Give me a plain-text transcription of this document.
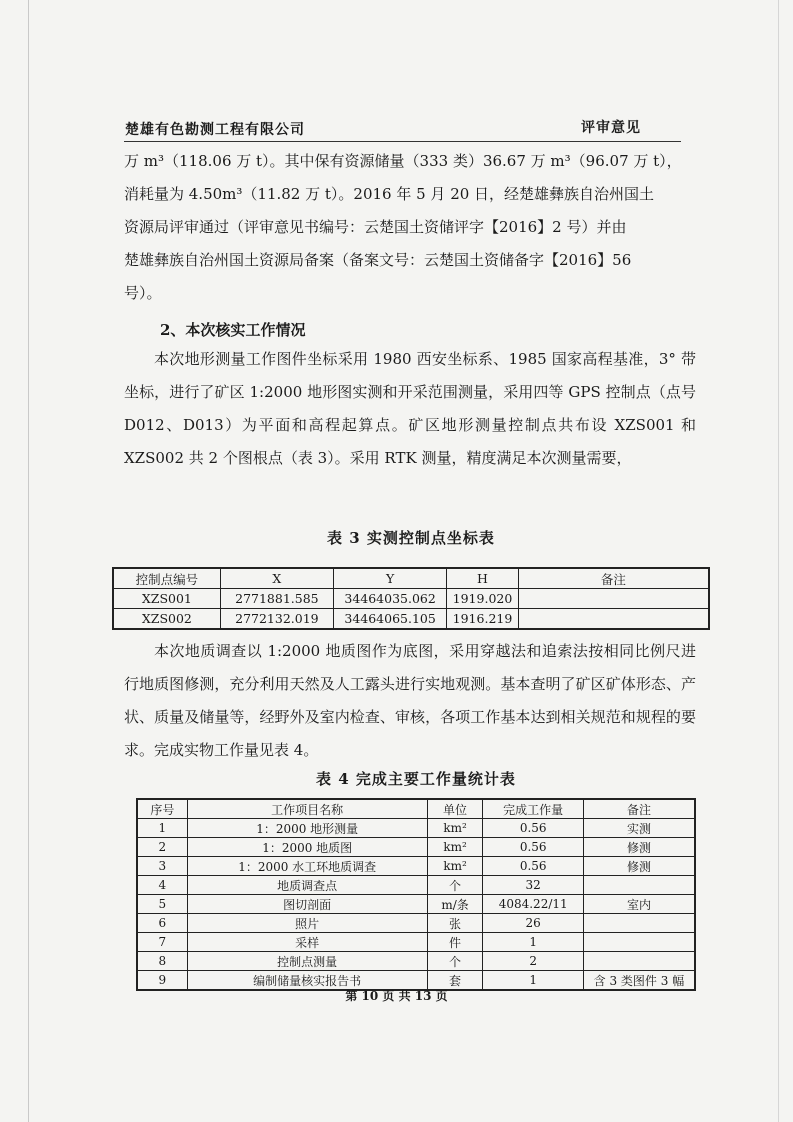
楚雄有色勘测工程有限公司	评审意见

万 m³（118.06 万 t）。其中保有资源储量（333 类）36.67 万 m³（96.07 万 t），

消耗量为 4.50m³（11.82 万 t）。2016 年 5 月 20 日，经楚雄彝族自治州国土

资源局评审通过（评审意见书编号：云楚国土资储评字【2016】2 号）并由

楚雄彝族自治州国土资源局备案（备案文号：云楚国土资储备字【2016】56

号）。

2、本次核实工作情况

本次地形测量工作图件坐标采用 1980 西安坐标系、1985 国家高程基准，3° 带坐标，进行了矿区 1:2000 地形图实测和开采范围测量，采用四等 GPS 控制点（点号 D012、D013）为平面和高程起算点。矿区地形测量控制点共布设 XZS001 和 XZS002 共 2 个图根点（表 3）。采用 RTK 测量，精度满足本次测量需要，

表 3 实测控制点坐标表
控制点编号	X	Y	H	备注
XZS001	2771881.585	34464035.062	1919.020	
XZS002	2772132.019	34464065.105	1916.219	

本次地质调查以 1:2000 地质图作为底图，采用穿越法和追索法按相同比例尺进行地质图修测，充分利用天然及人工露头进行实地观测。基本查明了矿区矿体形态、产状、质量及储量等，经野外及室内检查、审核，各项工作基本达到相关规范和规程的要求。完成实物工作量见表 4。

表 4 完成主要工作量统计表
序号	工作项目名称	单位	完成工作量	备注
1	1：2000 地形测量	km²	0.56	实测
2	1：2000 地质图	km²	0.56	修测
3	1：2000 水工环地质调查	km²	0.56	修测
4	地质调查点	个	32	
5	图切剖面	m/条	4084.22/11	室内
6	照片	张	26	
7	采样	件	1	
8	控制点测量	个	2	
9	编制储量核实报告书	套	1	含 3 类图件 3 幅
第 10 页 共 13 页
